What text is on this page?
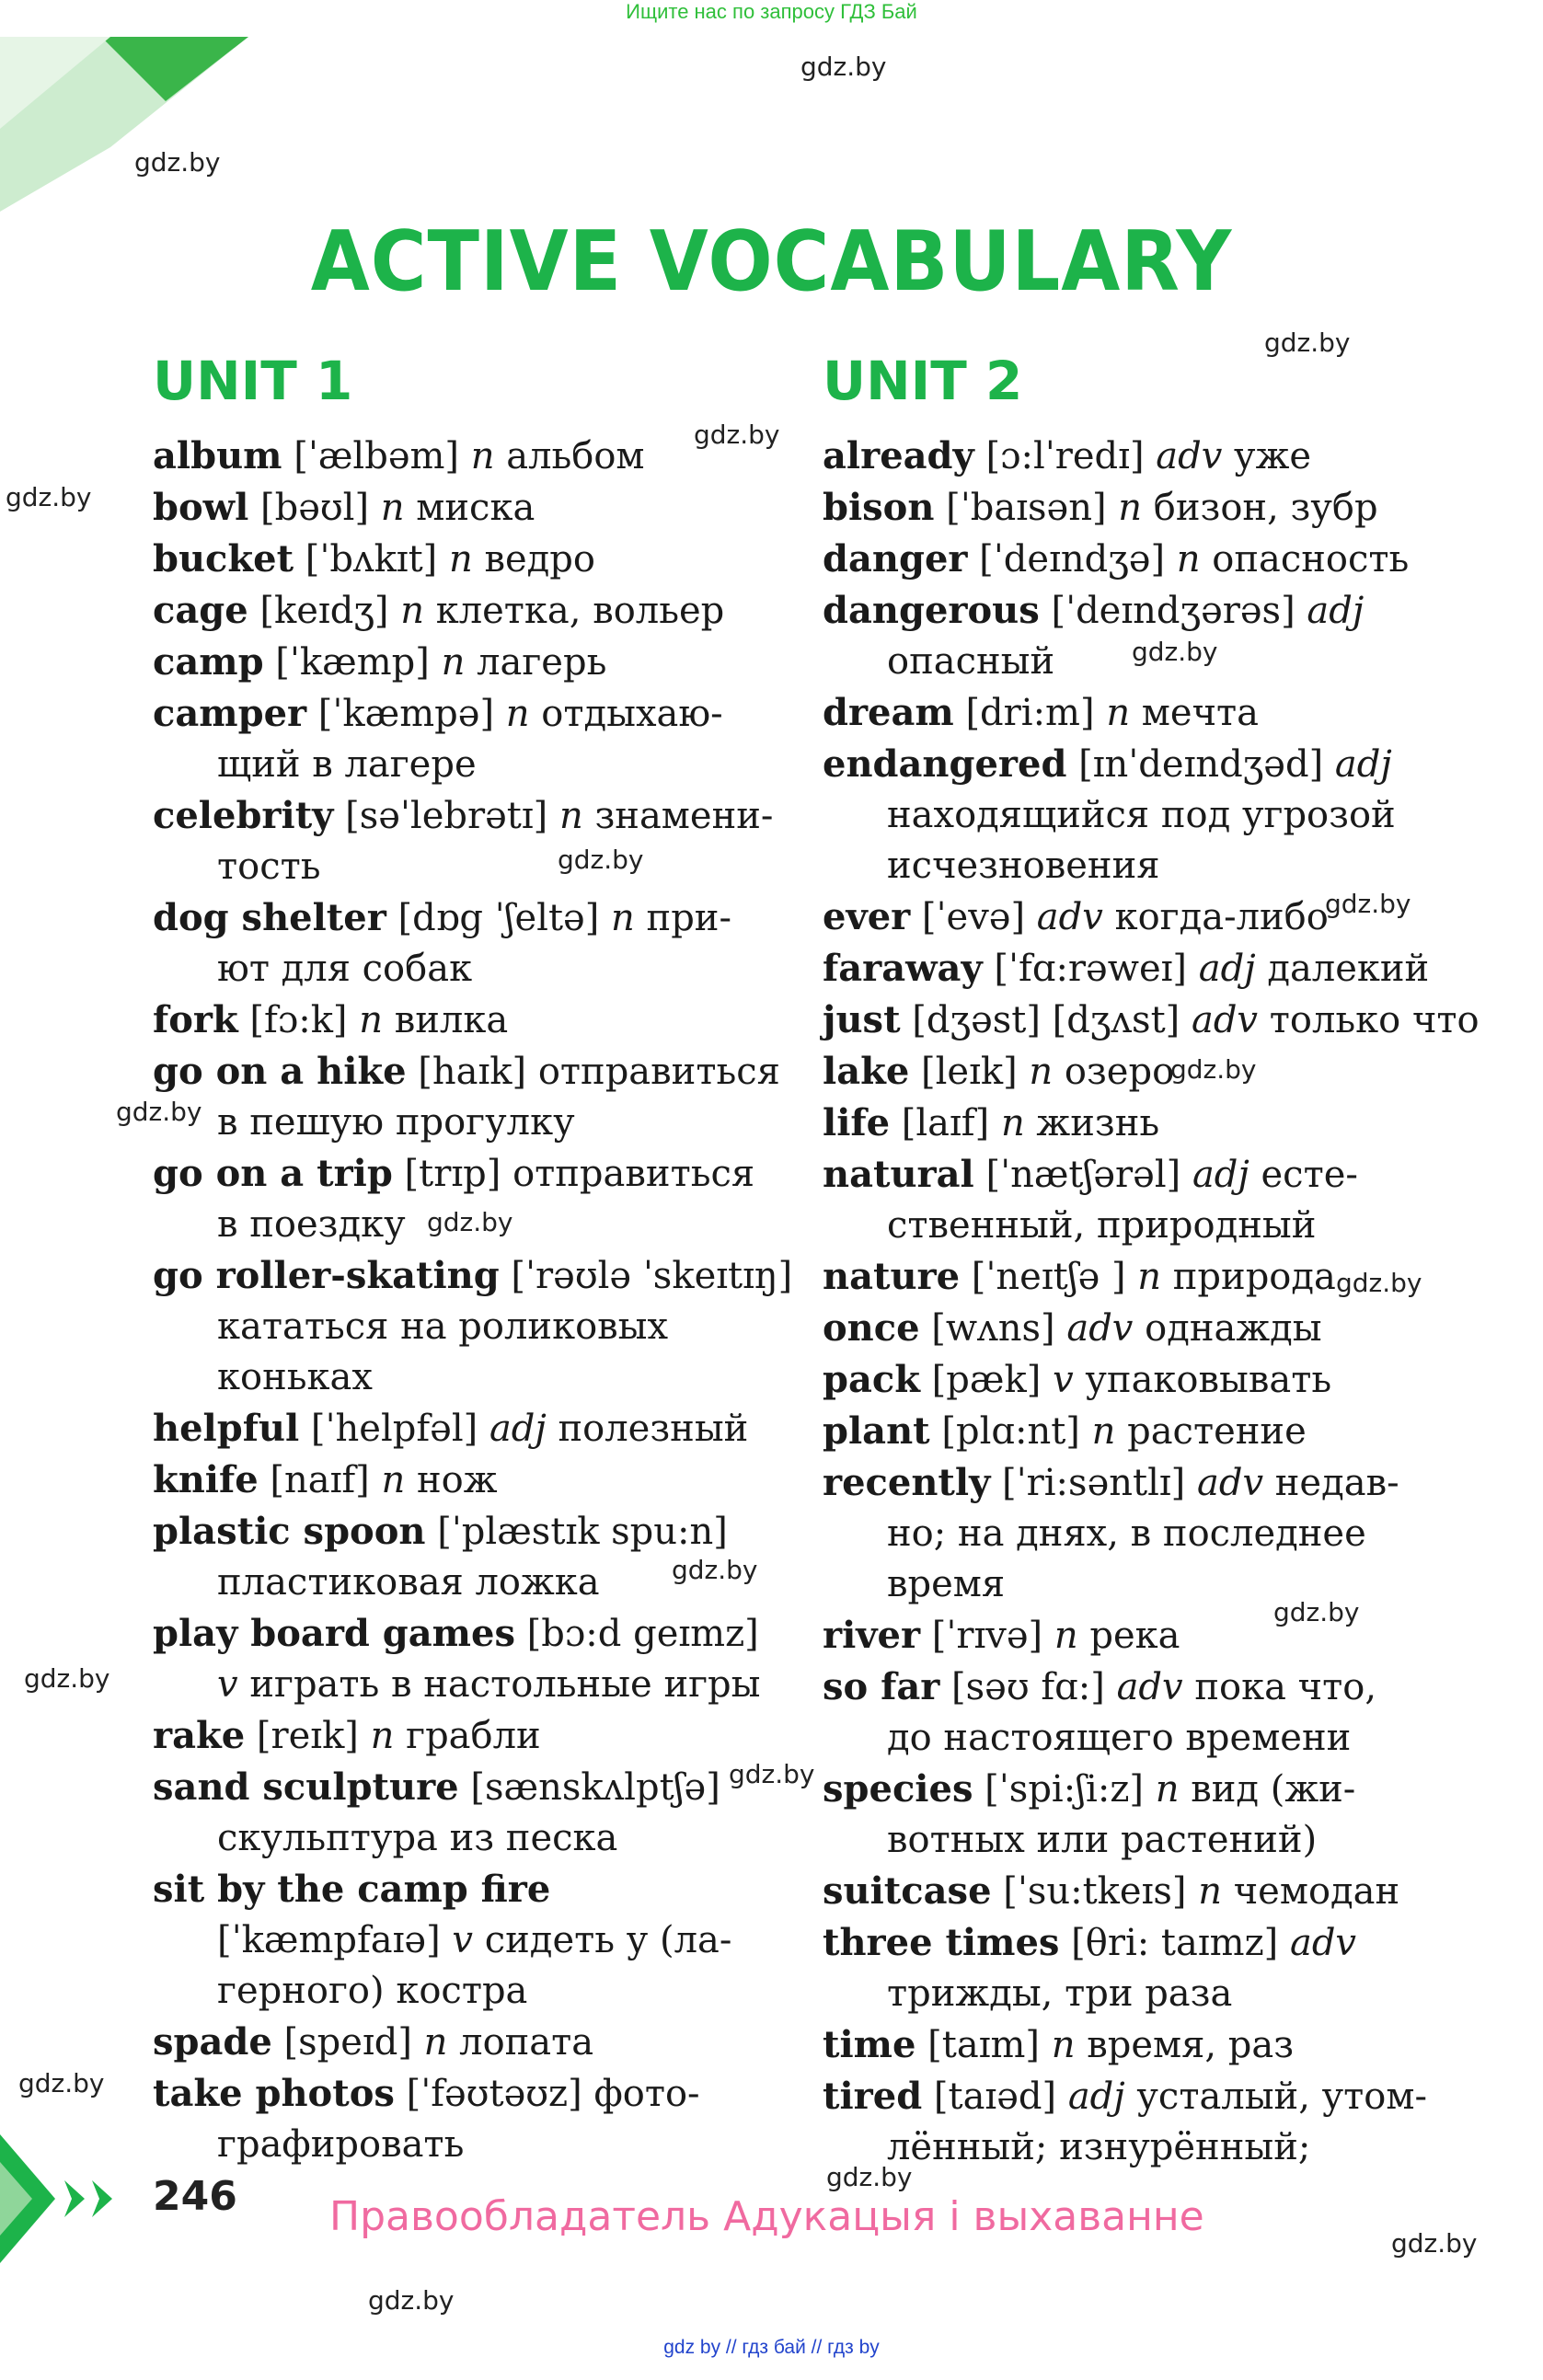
Ищите нас по запросу ГДЗ Бай
ACTIVE VOCABULARY
UNIT 1	UNIT 2
album [ˈælbəm] n альбом
bowl [bəʊl] n миска
bucket [ˈbʌkɪt] n ведро
cage [keɪdʒ] n клетка, вольер
camp [ˈkæmp] n лагерь
camper [ˈkæmpə] n отдыхаю-
щий в лагере
celebrity [səˈlebrətɪ] n знамени-
тость
dog shelter [dɒg ˈʃeltə] n при-
ют для собак
fork [fɔ:k] n вилка
go on a hike [haɪk] отправиться
в пешую прогулку
go on a trip [trɪp] отправиться
в поездку
go roller-skating [ˈrəʊlə ˈskeɪtɪŋ]
кататься на роликовых
коньках
helpful [ˈhelpfəl] adj полезный
knife [naɪf] n нож
plastic spoon [ˈplæstɪk spu:n]
пластиковая ложка
play board games [bɔ:d geɪmz]
v играть в настольные игры
rake [reɪk] n грабли
sand sculpture [sænskʌlptʃə]
скульптура из песка
sit by the camp fire
[ˈkæmpfaɪə] v сидеть у (ла-
герного) костра
spade [speɪd] n лопата
take photos [ˈfəʊtəʊz] фото-
графировать
already [ɔ:lˈredɪ] adv уже
bison [ˈbaɪsən] n бизон, зубр
danger [ˈdeɪndʒə] n опасность
dangerous [ˈdeɪndʒərəs] adj
опасный
dream [dri:m] n мечта
endangered [ɪnˈdeɪndʒəd] adj
находящийся под угрозой
исчезновения
ever [ˈevə] adv когда-либо
faraway [ˈfɑ:rəweɪ] adj далекий
just [dʒəst] [dʒʌst] adv только что
lake [leɪk] n озеро
life [laɪf] n жизнь
natural [ˈnætʃərəl] adj есте-
ственный, природный
nature [ˈneɪtʃə ] n природа
once [wʌns] adv однажды
pack [pæk] v упаковывать
plant [plɑ:nt] n растение
recently [ˈri:səntlɪ] adv недав-
но; на днях, в последнее
время
river [ˈrɪvə] n река
so far [səʊ fɑ:] adv пока что,
до настоящего времени
species [ˈspi:ʃi:z] n вид (жи-
вотных или растений)
suitcase [ˈsu:tkeɪs] n чемодан
three times [θri: taɪmz] adv
трижды, три раза
time [taɪm] n время, раз
tired [taɪəd] adj усталый, утом-
лённый; изнурённый;
gdz.by
gdz.by
gdz.by
gdz.by
gdz.by
gdz.by
gdz.by
gdz.by
gdz.by
gdz.by
gdz.by
gdz.by
gdz.by
gdz.by
gdz.by
gdz.by
gdz.by
gdz.by
gdz.by
gdz.by
246 Правообладатель Адукацыя і выхаванне
gdz by // гдз бай // гдз by
